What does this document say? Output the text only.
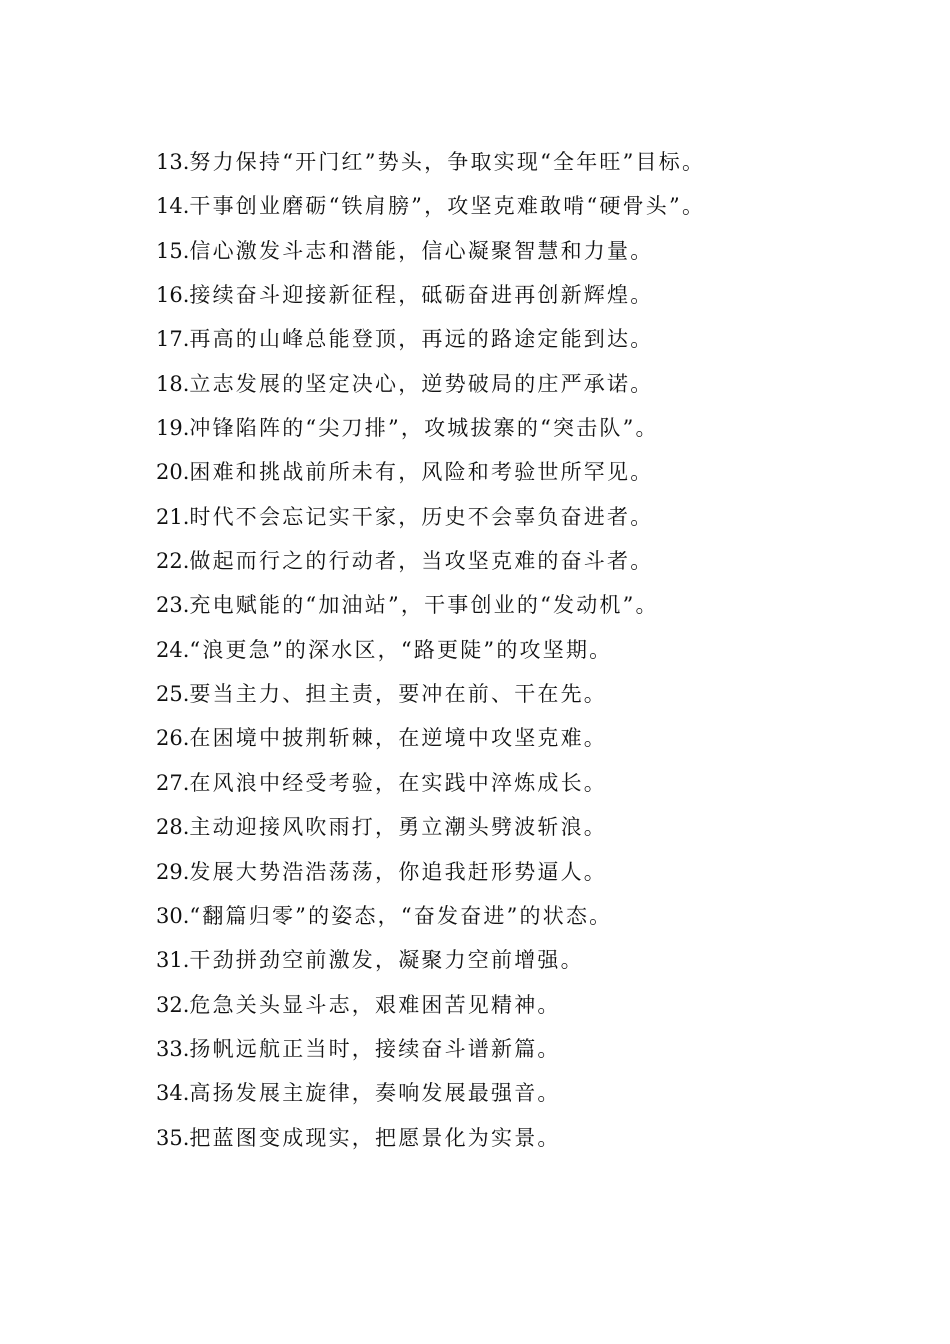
13.努力保持“开门红”势头，争取实现“全年旺”目标。
14.干事创业磨砺“铁肩膀”，攻坚克难敢啃“硬骨头”。
15.信心激发斗志和潜能，信心凝聚智慧和力量。
16.接续奋斗迎接新征程，砥砺奋进再创新辉煌。
17.再高的山峰总能登顶，再远的路途定能到达。
18.立志发展的坚定决心，逆势破局的庄严承诺。
19.冲锋陷阵的“尖刀排”，攻城拔寨的“突击队”。
20.困难和挑战前所未有，风险和考验世所罕见。
21.时代不会忘记实干家，历史不会辜负奋进者。
22.做起而行之的行动者，当攻坚克难的奋斗者。
23.充电赋能的“加油站”，干事创业的“发动机”。
24.“浪更急”的深水区，“路更陡”的攻坚期。
25.要当主力、担主责，要冲在前、干在先。
26.在困境中披荆斩棘，在逆境中攻坚克难。
27.在风浪中经受考验，在实践中淬炼成长。
28.主动迎接风吹雨打，勇立潮头劈波斩浪。
29.发展大势浩浩荡荡，你追我赶形势逼人。
30.“翻篇归零”的姿态，“奋发奋进”的状态。
31.干劲拼劲空前激发，凝聚力空前增强。
32.危急关头显斗志，艰难困苦见精神。
33.扬帆远航正当时，接续奋斗谱新篇。
34.高扬发展主旋律，奏响发展最强音。
35.把蓝图变成现实，把愿景化为实景。
